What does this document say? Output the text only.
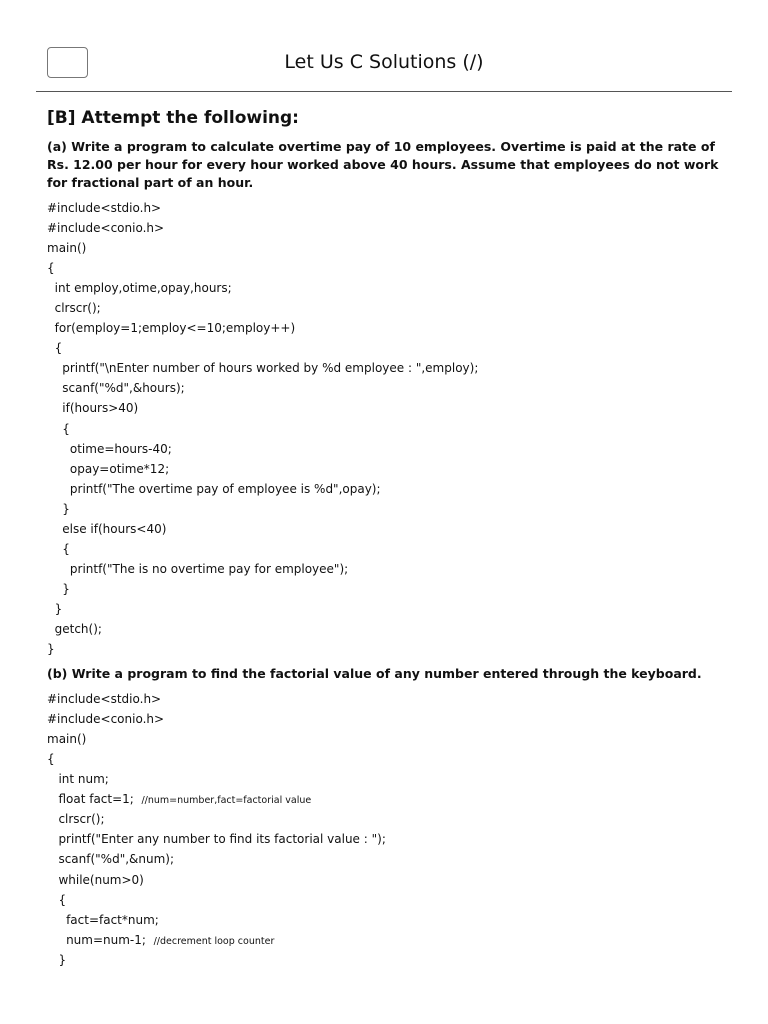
Let Us C Solutions (/)
[B] Attempt the following:

(a) Write a program to calculate overtime pay of 10 employees. Overtime is paid at the rate of Rs. 12.00 per hour for every hour worked above 40 hours. Assume that employees do not work for fractional part of an hour.

#include<stdio.h>
#include<conio.h>
main()
{
int employ,otime,opay,hours;
clrscr();
for(employ=1;employ<=10;employ++)
{
printf("\nEnter number of hours worked by %d employee : ",employ);
scanf("%d",&hours);
if(hours>40)
{
otime=hours-40;
opay=otime*12;
printf("The overtime pay of employee is %d",opay);
}
else if(hours<40)
{
printf("The is no overtime pay for employee");
}
}
getch();
}

(b) Write a program to find the factorial value of any number entered through the keyboard.

#include<stdio.h>
#include<conio.h>
main()
{
int num;
float fact=1;  //num=number,fact=factorial value
clrscr();
printf("Enter any number to find its factorial value : ");
scanf("%d",&num);
while(num>0)
{
fact=fact*num;
num=num-1;  //decrement loop counter
}
